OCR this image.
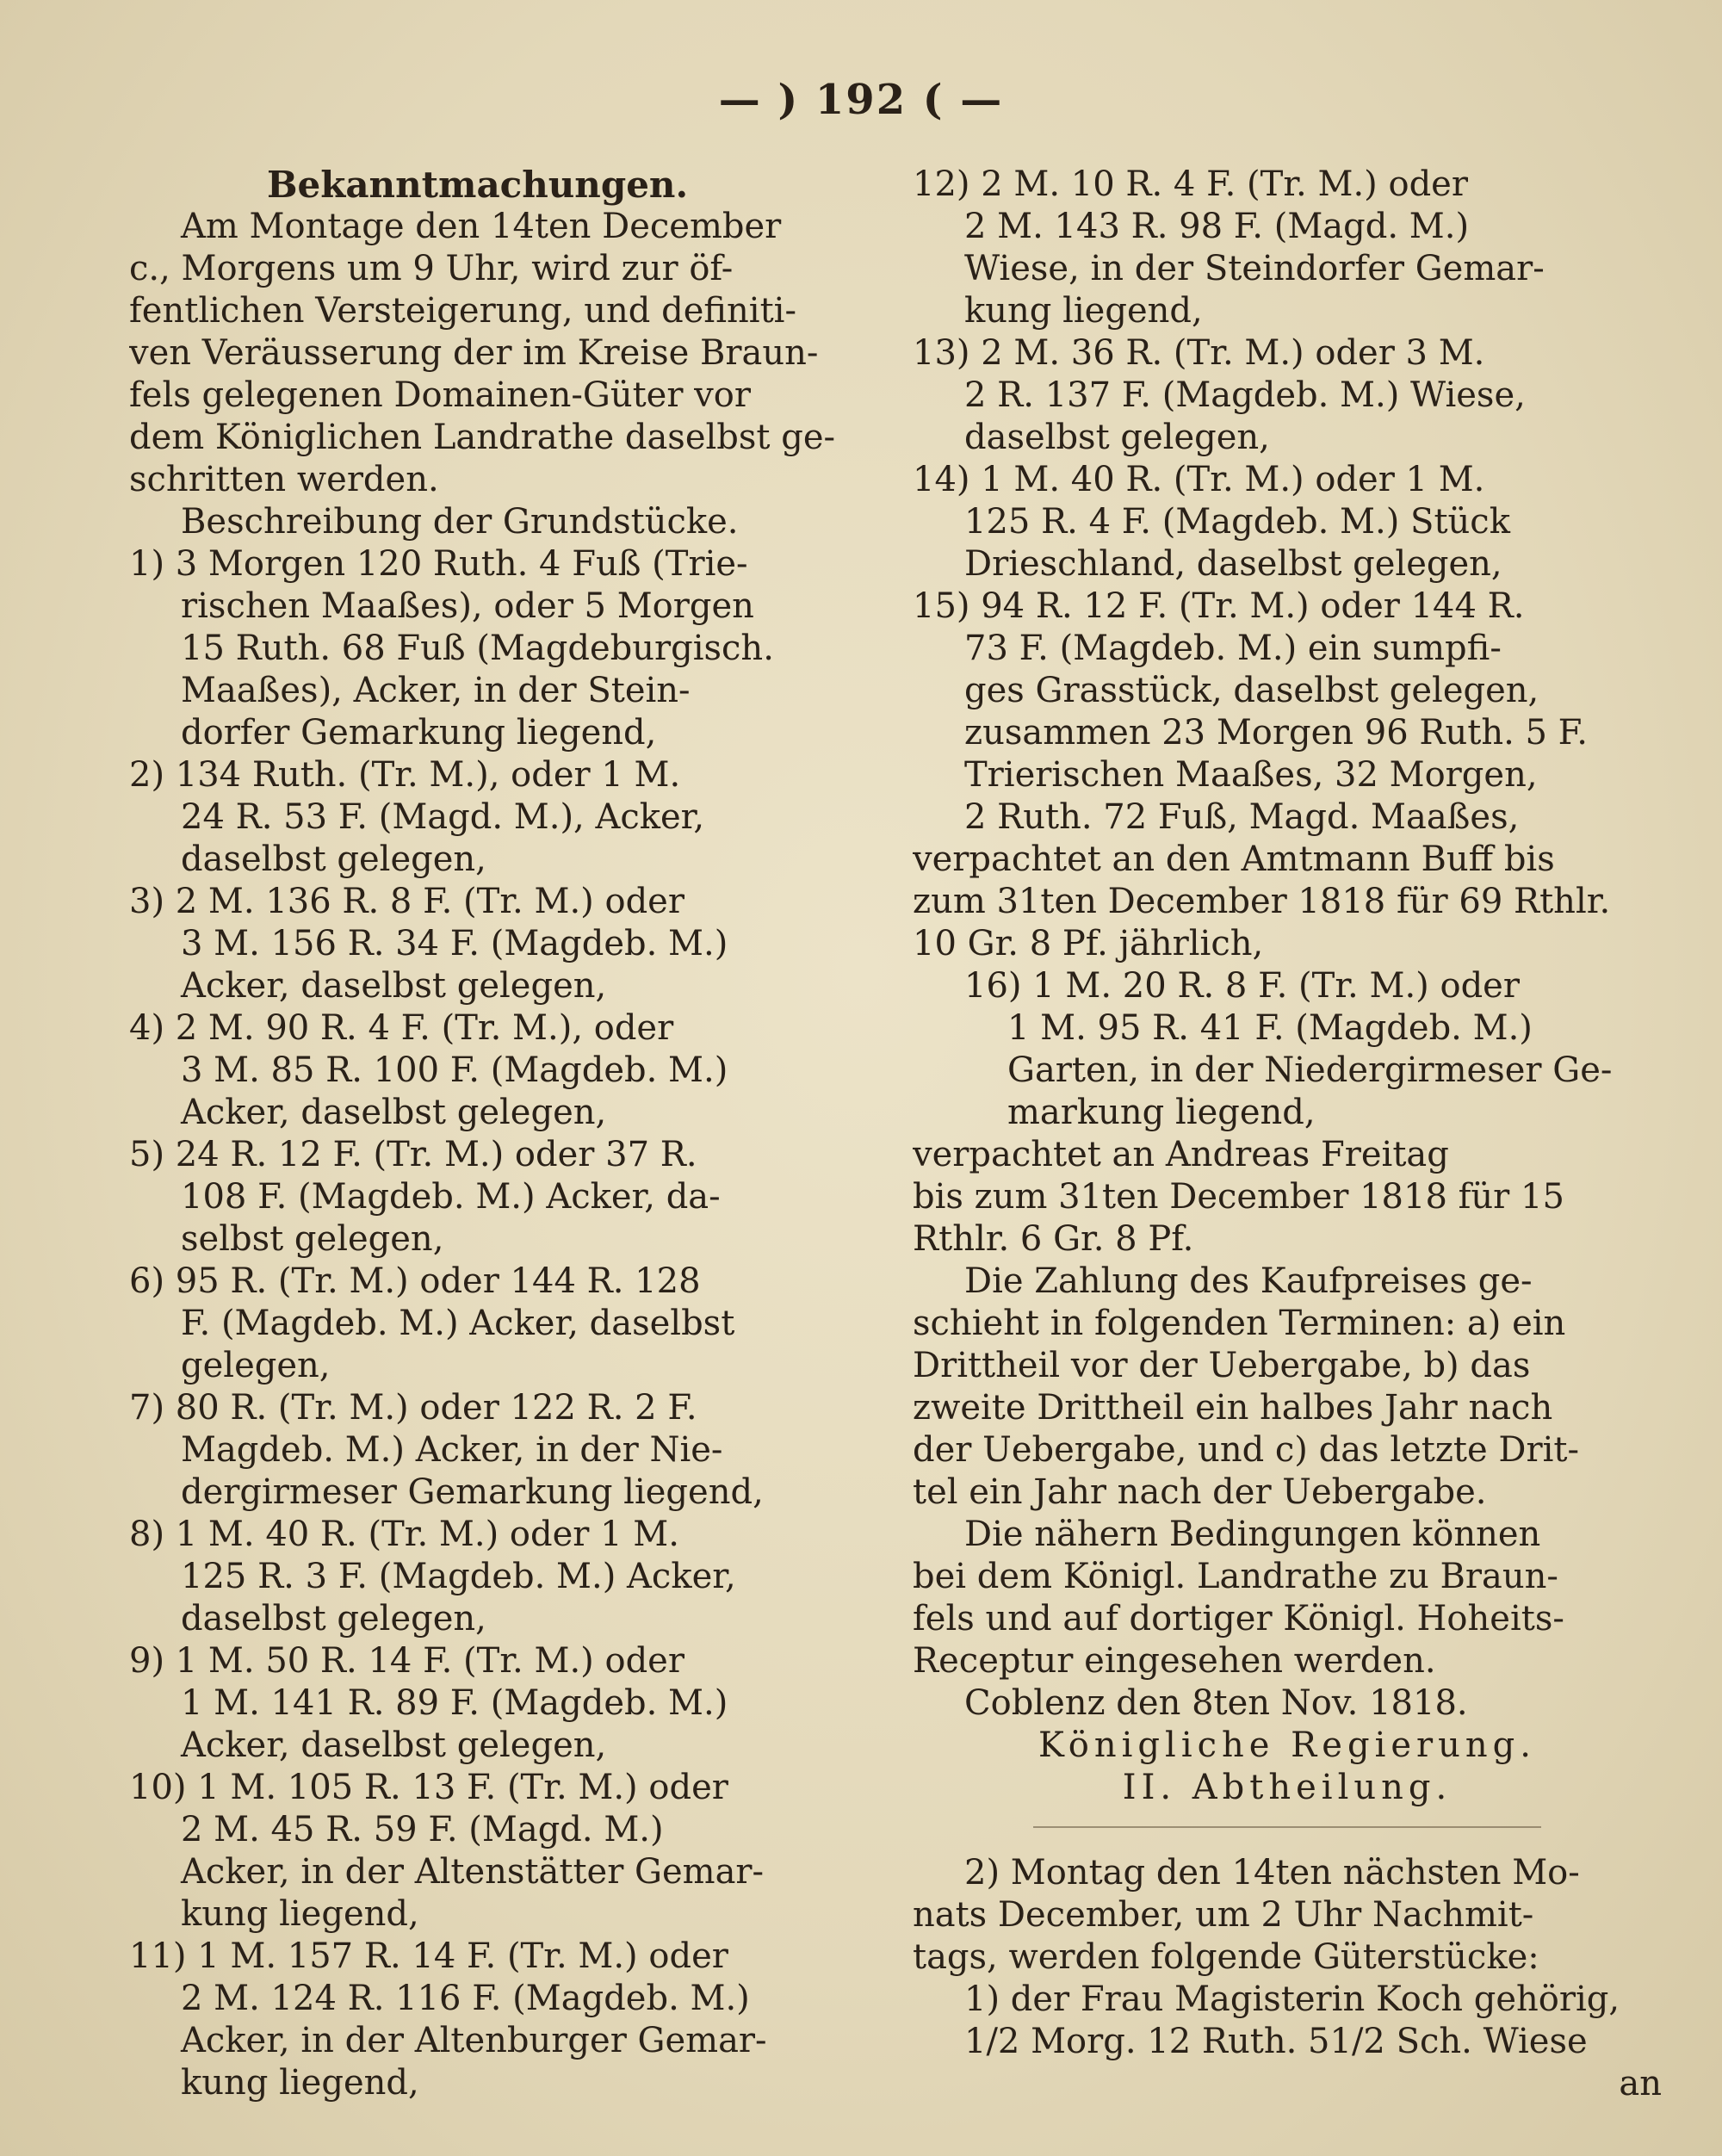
— ) 192 ( —
Bekanntmachungen.
Am Montage den 14ten December
c., Morgens um 9 Uhr, wird zur öf-
fentlichen Versteigerung, und definiti-
ven Veräusserung der im Kreise Braun-
fels gelegenen Domainen-Güter vor
dem Königlichen Landrathe daselbst ge-
schritten werden.
Beschreibung der Grundstücke.
1) 3 Morgen 120 Ruth. 4 Fuß (Trie-
rischen Maaßes), oder 5 Morgen
15 Ruth. 68 Fuß (Magdeburgisch.
Maaßes), Acker, in der Stein-
dorfer Gemarkung liegend,
2) 134 Ruth. (Tr. M.), oder 1 M.
24 R. 53 F. (Magd. M.), Acker,
daselbst gelegen,
3) 2 M. 136 R. 8 F. (Tr. M.) oder
3 M. 156 R. 34 F. (Magdeb. M.)
Acker, daselbst gelegen,
4) 2 M. 90 R. 4 F. (Tr. M.), oder
3 M. 85 R. 100 F. (Magdeb. M.)
Acker, daselbst gelegen,
5) 24 R. 12 F. (Tr. M.) oder 37 R.
108 F. (Magdeb. M.) Acker, da-
selbst gelegen,
6) 95 R. (Tr. M.) oder 144 R. 128
F. (Magdeb. M.) Acker, daselbst
gelegen,
7) 80 R. (Tr. M.) oder 122 R. 2 F.
Magdeb. M.) Acker, in der Nie-
dergirmeser Gemarkung liegend,
8) 1 M. 40 R. (Tr. M.) oder 1 M.
125 R. 3 F. (Magdeb. M.) Acker,
daselbst gelegen,
9) 1 M. 50 R. 14 F. (Tr. M.) oder
1 M. 141 R. 89 F. (Magdeb. M.)
Acker, daselbst gelegen,
10) 1 M. 105 R. 13 F. (Tr. M.) oder
2 M. 45 R. 59 F. (Magd. M.)
Acker, in der Altenstätter Gemar-
kung liegend,
11) 1 M. 157 R. 14 F. (Tr. M.) oder
2 M. 124 R. 116 F. (Magdeb. M.)
Acker, in der Altenburger Gemar-
kung liegend,
12) 2 M. 10 R. 4 F. (Tr. M.) oder
2 M. 143 R. 98 F. (Magd. M.)
Wiese, in der Steindorfer Gemar-
kung liegend,
13) 2 M. 36 R. (Tr. M.) oder 3 M.
2 R. 137 F. (Magdeb. M.) Wiese,
daselbst gelegen,
14) 1 M. 40 R. (Tr. M.) oder 1 M.
125 R. 4 F. (Magdeb. M.) Stück
Drieschland, daselbst gelegen,
15) 94 R. 12 F. (Tr. M.) oder 144 R.
73 F. (Magdeb. M.) ein sumpfi-
ges Grasstück, daselbst gelegen,
zusammen 23 Morgen 96 Ruth. 5 F.
Trierischen Maaßes, 32 Morgen,
2 Ruth. 72 Fuß, Magd. Maaßes,
verpachtet an den Amtmann Buff bis
zum 31ten December 1818 für 69 Rthlr.
10 Gr. 8 Pf. jährlich,
16) 1 M. 20 R. 8 F. (Tr. M.) oder
1 M. 95 R. 41 F. (Magdeb. M.)
Garten, in der Niedergirmeser Ge-
markung liegend,
verpachtet an Andreas Freitag
bis zum 31ten December 1818 für 15
Rthlr. 6 Gr. 8 Pf.
Die Zahlung des Kaufpreises ge-
schieht in folgenden Terminen: a) ein
Drittheil vor der Uebergabe, b) das
zweite Drittheil ein halbes Jahr nach
der Uebergabe, und c) das letzte Drit-
tel ein Jahr nach der Uebergabe.
Die nähern Bedingungen können
bei dem Königl. Landrathe zu Braun-
fels und auf dortiger Königl. Hoheits-
Receptur eingesehen werden.
Coblenz den 8ten Nov. 1818.
Königliche Regierung.
II. Abtheilung.
2) Montag den 14ten nächsten Mo-
nats December, um 2 Uhr Nachmit-
tags, werden folgende Güterstücke:
1) der Frau Magisterin Koch gehörig,
1/2 Morg. 12 Ruth. 51/2 Sch. Wiese
an
